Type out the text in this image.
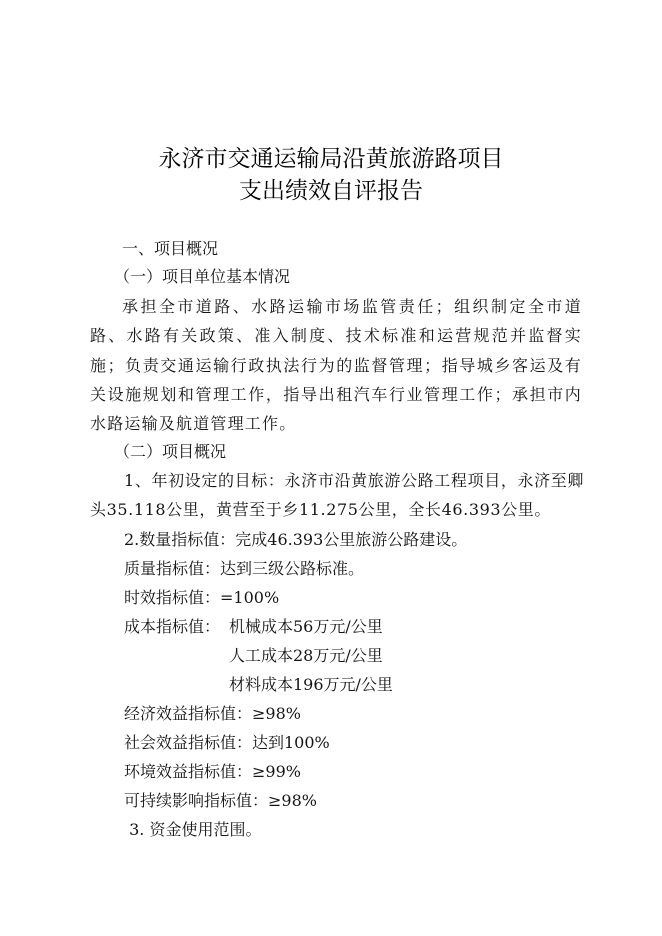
永济市交通运输局沿黄旅游路项目
支出绩效自评报告
一、项目概况
（一）项目单位基本情况
承担全市道路、水路运输市场监管责任；组织制定全市道路、水路有关政策、准入制度、技术标准和运营规范并监督实施；负责交通运输行政执法行为的监督管理；指导城乡客运及有关设施规划和管理工作，指导出租汽车行业管理工作；承担市内水路运输及航道管理工作。
（二）项目概况
1、年初设定的目标：永济市沿黄旅游公路工程项目，永济至卿头35.118公里，黄营至于乡11.275公里，全长46.393公里。
2.数量指标值：完成46.393公里旅游公路建设。
质量指标值：达到三级公路标准。
时效指标值：=100%
成本指标值： 机械成本56万元/公里
人工成本28万元/公里
材料成本196万元/公里
经济效益指标值：≥98%
社会效益指标值：达到100%
环境效益指标值：≥99%
可持续影响指标值：≥98%
3. 资金使用范围。
